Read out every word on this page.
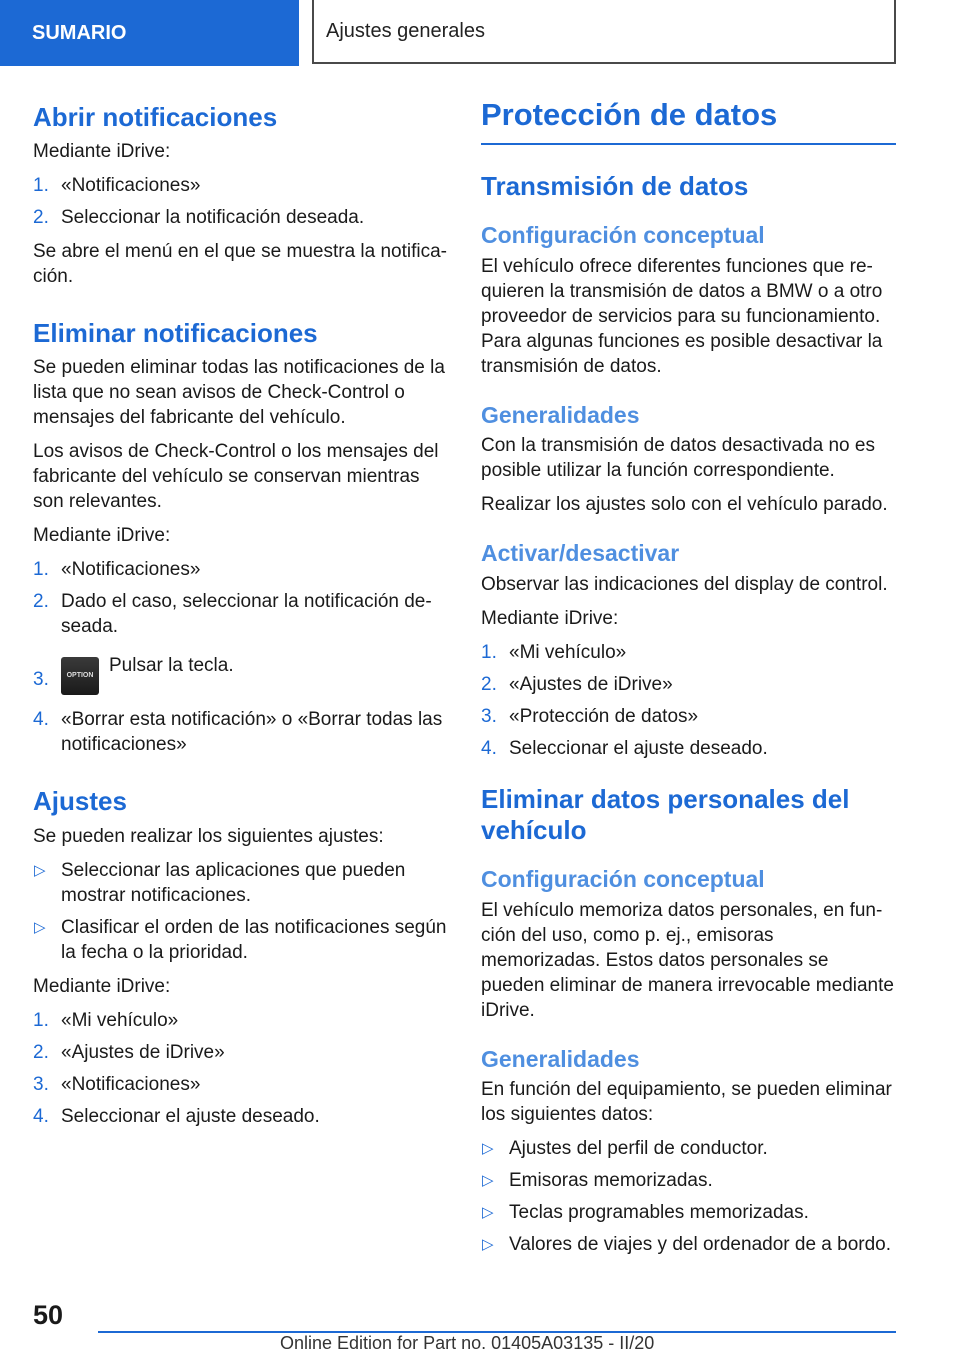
SUMARIO	Ajustes generales
Abrir notificaciones

Mediante iDrive:

1. «Notificaciones»
2. Seleccionar la notificación deseada.

Se abre el menú en el que se muestra la notifica‐ción.

Eliminar notificaciones

Se pueden eliminar todas las notificaciones de la lista que no sean avisos de Check-Control o mensajes del fabricante del vehículo.

Los avisos de Check-Control o los mensajes del fabricante del vehículo se conservan mientras son relevantes.

Mediante iDrive:

1. «Notificaciones»
2. Dado el caso, seleccionar la notificación de‐seada.
3.	OPTION Pulsar la tecla.
4. «Borrar esta notificación» o «Borrar todas las notificaciones»
Ajustes

Se pueden realizar los siguientes ajustes:

▷ Seleccionar las aplicaciones que pueden mostrar notificaciones.
▷ Clasificar el orden de las notificaciones según la fecha o la prioridad.

Mediante iDrive:

1. «Mi vehículo»
2. «Ajustes de iDrive»
3. «Notificaciones»
4. Seleccionar el ajuste deseado.
Protección de datos
Transmisión de datos
Configuración conceptual

El vehículo ofrece diferentes funciones que re‐quieren la transmisión de datos a BMW o a otro proveedor de servicios para su funcionamiento. Para algunas funciones es posible desactivar la transmisión de datos.

Generalidades

Con la transmisión de datos desactivada no es posible utilizar la función correspondiente.

Realizar los ajustes solo con el vehículo parado.

Activar/desactivar

Observar las indicaciones del display de control.

Mediante iDrive:

1. «Mi vehículo»
2. «Ajustes de iDrive»
3. «Protección de datos»
4. Seleccionar el ajuste deseado.
Eliminar datos personales del vehículo
Configuración conceptual

El vehículo memoriza datos personales, en fun‐ción del uso, como p. ej., emisoras memorizadas. Estos datos personales se pueden eliminar de manera irrevocable mediante iDrive.

Generalidades

En función del equipamiento, se pueden eliminar los siguientes datos:

▷ Ajustes del perfil de conductor.
▷ Emisoras memorizadas.
▷ Teclas programables memorizadas.
▷ Valores de viajes y del ordenador de a bordo.
50
Online Edition for Part no. 01405A03135 - II/20
